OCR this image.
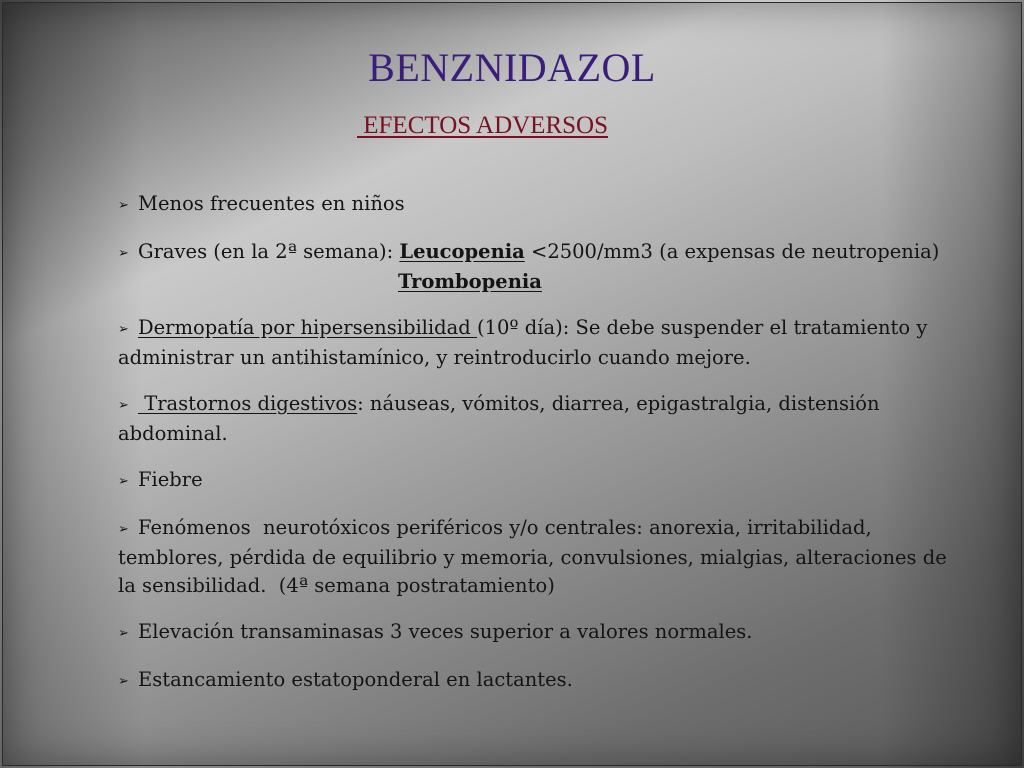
BENZNIDAZOL
EFECTOS ADVERSOS

➢ Menos frecuentes en niños

➢ Graves (en la 2ª semana): Leucopenia <2500/mm3 (a expensas de neutropenia)
Trombopenia

➢ Dermopatía por hipersensibilidad (10º día): Se debe suspender el tratamiento y administrar un antihistamínico, y reintroducirlo cuando mejore.

➢ Trastornos digestivos: náuseas, vómitos, diarrea, epigastralgia, distensión abdominal.

➢ Fiebre

➢ Fenómenos  neurotóxicos periféricos y/o centrales: anorexia, irritabilidad, temblores, pérdida de equilibrio y memoria, convulsiones, mialgias, alteraciones de la sensibilidad.  (4ª semana postratamiento)

➢ Elevación transaminasas 3 veces superior a valores normales.

➢ Estancamiento estatoponderal en lactantes.
